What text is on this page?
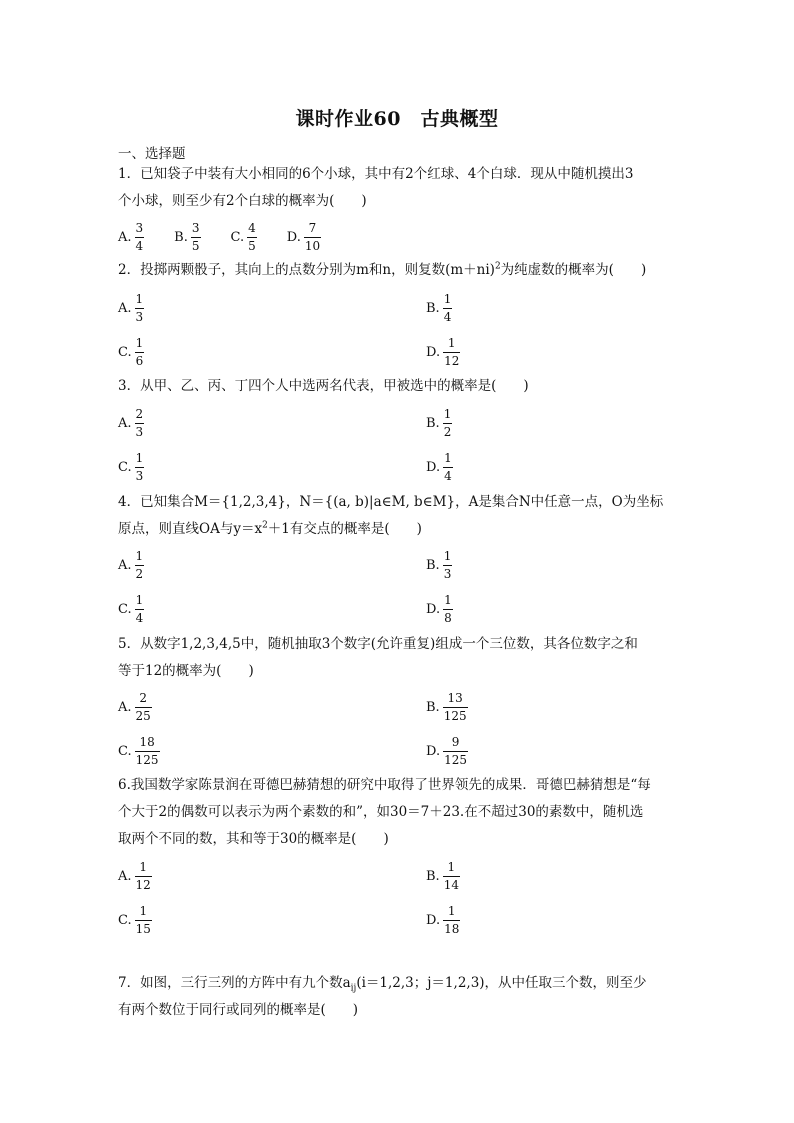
课时作业60　古典概型
一、选择题
1．已知袋子中装有大小相同的6个小球，其中有2个红球、4个白球．现从中随机摸出3
个小球，则至少有2个白球的概率为(　　)
A. $\frac{3}{4} B$. $\frac{3}{5} C$. $\frac{4}{5} D$. $\frac{7}{10}$
2．投掷两颗骰子，其向上的点数分别为m和n，则复数$(m+ni)^2$为纯虚数的概率为(　　)
A. $\frac{1}{3}$	B. $\frac{1}{4}$
C. $\frac{1}{6}$	D. $\frac{1}{12}$
3．从甲、乙、丙、丁四个人中选两名代表，甲被选中的概率是(　　)
A. $\frac{2}{3}$	B. $\frac{1}{2}$
C. $\frac{1}{3}$	D. $\frac{1}{4}$
4．已知集合M＝{1,2,3,4}，N＝{(a, b)|a∈M, b∈M}，A是集合N中任意一点，O为坐标
原点，则直线OA与$y=x^2+1$有交点的概率是(　　)
A. $\frac{1}{2}$	B. $\frac{1}{3}$
C. $\frac{1}{4}$	D. $\frac{1}{8}$
5．从数字1,2,3,4,5中，随机抽取3个数字(允许重复)组成一个三位数，其各位数字之和
等于12的概率为(　　)
A. $\frac{2}{25}$	B. $\frac{13}{125}$
C. $\frac{18}{125}$	D. $\frac{9}{125}$
6.我国数学家陈景润在哥德巴赫猜想的研究中取得了世界领先的成果．哥德巴赫猜想是“每
个大于2的偶数可以表示为两个素数的和”，如30＝7＋23.在不超过30的素数中，随机选
取两个不同的数，其和等于30的概率是(　　)
A. $\frac{1}{12}$	B. $\frac{1}{14}$
C. $\frac{1}{15}$	D. $\frac{1}{18}$
7．如图，三行三列的方阵中有九个数$a_{ij}(i=1,2,3$；j＝1,2,3)，从中任取三个数，则至少
有两个数位于同行或同列的概率是(　　)
